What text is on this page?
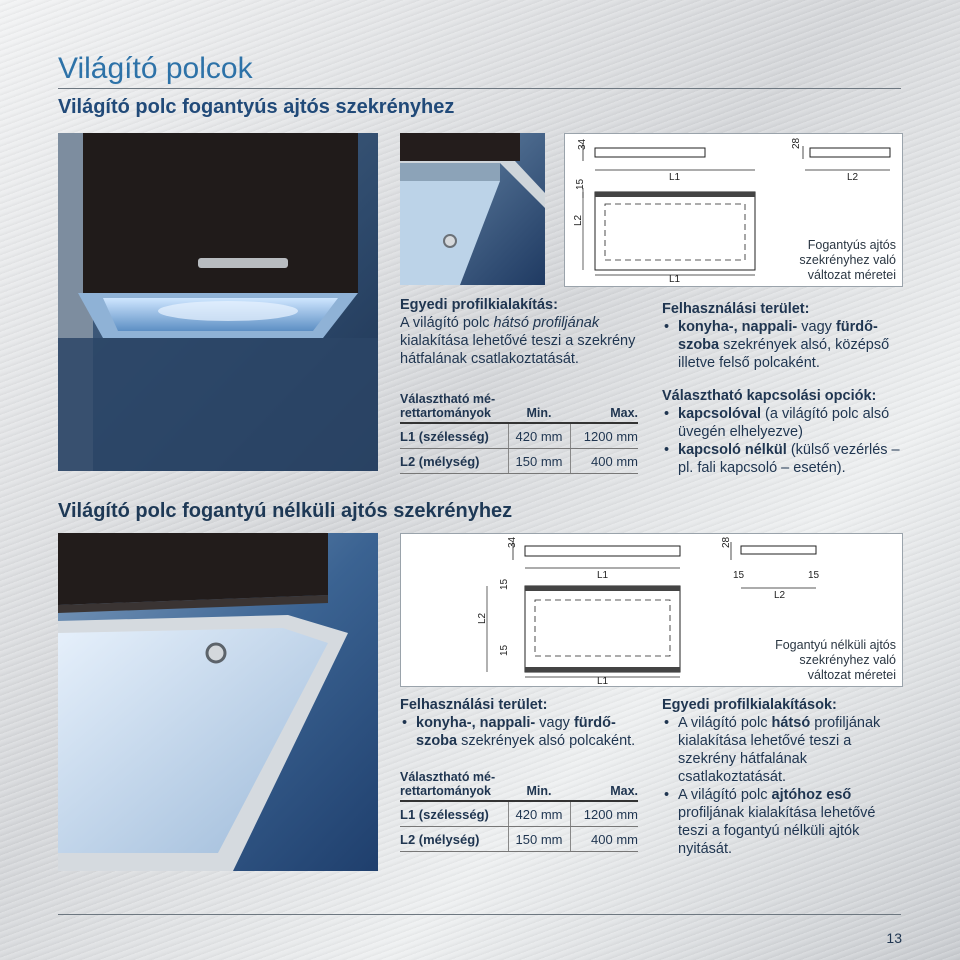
Világító polcok
Világító polc fogantyús ajtós szekrényhez
34	28
L1	L2
15
L2
L1
Fogantyús ajtós
szekrényhez való
változat méretei
Egyedi profilkialakítás:
A világító polc hátsó profiljának kialakítása lehetővé teszi a szekrény hátfalának csatlakoztatását.
Választható mé-
rettartományok	Min.	Max.
L1 (szélesség)	420 mm	1200 mm
L2 (mélység)	150 mm	400 mm
Felhasználási terület:
• konyha-, nappali- vagy fürdő- szoba szekrények alsó, középső illetve felső polcaként.
Választható kapcsolási opciók:
• kapcsolóval (a világító polc alsó üvegén elhelyezve)
• kapcsoló nélkül (külső vezérlés – pl. fali kapcsoló – esetén).
Világító polc fogantyú nélküli ajtós szekrényhez
34	28
L1	15	15
L2
15
L2
15
L1
Fogantyú nélküli ajtós
szekrényhez való
változat méretei
Felhasználási terület:
• konyha-, nappali- vagy fürdő- szoba szekrények alsó polcaként.
Választható mé-
rettartományok	Min.	Max.
L1 (szélesség)	420 mm	1200 mm
L2 (mélység)	150 mm	400 mm
Egyedi profilkialakítások:
• A világító polc hátsó profiljának kialakítása lehetővé teszi a szekrény hátfalának csatlakoztatását.
• A világító polc ajtóhoz eső profiljának kialakítása lehetővé teszi a fogantyú nélküli ajtók nyitását.
13
